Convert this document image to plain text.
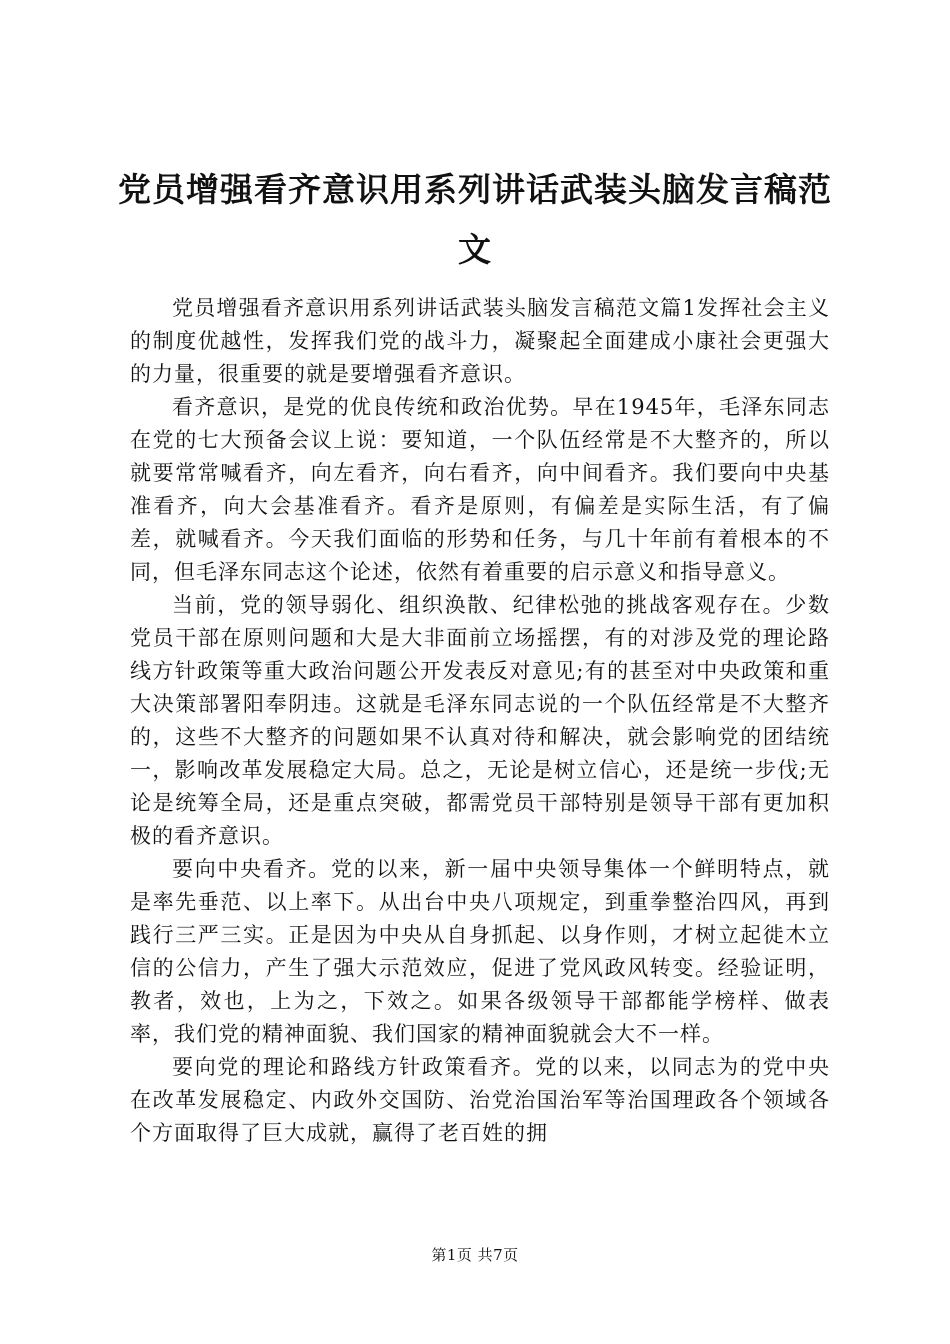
党员增强看齐意识用系列讲话武装头脑发言稿范文

党员增强看齐意识用系列讲话武装头脑发言稿范文篇1发挥社会主义的制度优越性，发挥我们党的战斗力，凝聚起全面建成小康社会更强大的力量，很重要的就是要增强看齐意识。

看齐意识，是党的优良传统和政治优势。早在1945年，毛泽东同志在党的七大预备会议上说：要知道，一个队伍经常是不大整齐的，所以就要常常喊看齐，向左看齐，向右看齐，向中间看齐。我们要向中央基准看齐，向大会基准看齐。看齐是原则，有偏差是实际生活，有了偏差，就喊看齐。今天我们面临的形势和任务，与几十年前有着根本的不同，但毛泽东同志这个论述，依然有着重要的启示意义和指导意义。

当前，党的领导弱化、组织涣散、纪律松弛的挑战客观存在。少数党员干部在原则问题和大是大非面前立场摇摆，有的对涉及党的理论路线方针政策等重大政治问题公开发表反对意见;有的甚至对中央政策和重大决策部署阳奉阴违。这就是毛泽东同志说的一个队伍经常是不大整齐的，这些不大整齐的问题如果不认真对待和解决，就会影响党的团结统一，影响改革发展稳定大局。总之，无论是树立信心，还是统一步伐;无论是统筹全局，还是重点突破，都需党员干部特别是领导干部有更加积极的看齐意识。

要向中央看齐。党的以来，新一届中央领导集体一个鲜明特点，就是率先垂范、以上率下。从出台中央八项规定，到重拳整治四风，再到践行三严三实。正是因为中央从自身抓起、以身作则，才树立起徙木立信的公信力，产生了强大示范效应，促进了党风政风转变。经验证明，教者，效也，上为之，下效之。如果各级领导干部都能学榜样、做表率，我们党的精神面貌、我们国家的精神面貌就会大不一样。

要向党的理论和路线方针政策看齐。党的以来，以同志为的党中央在改革发展稳定、内政外交国防、治党治国治军等治国理政各个领域各个方面取得了巨大成就，赢得了老百姓的拥

第1页 共7页
